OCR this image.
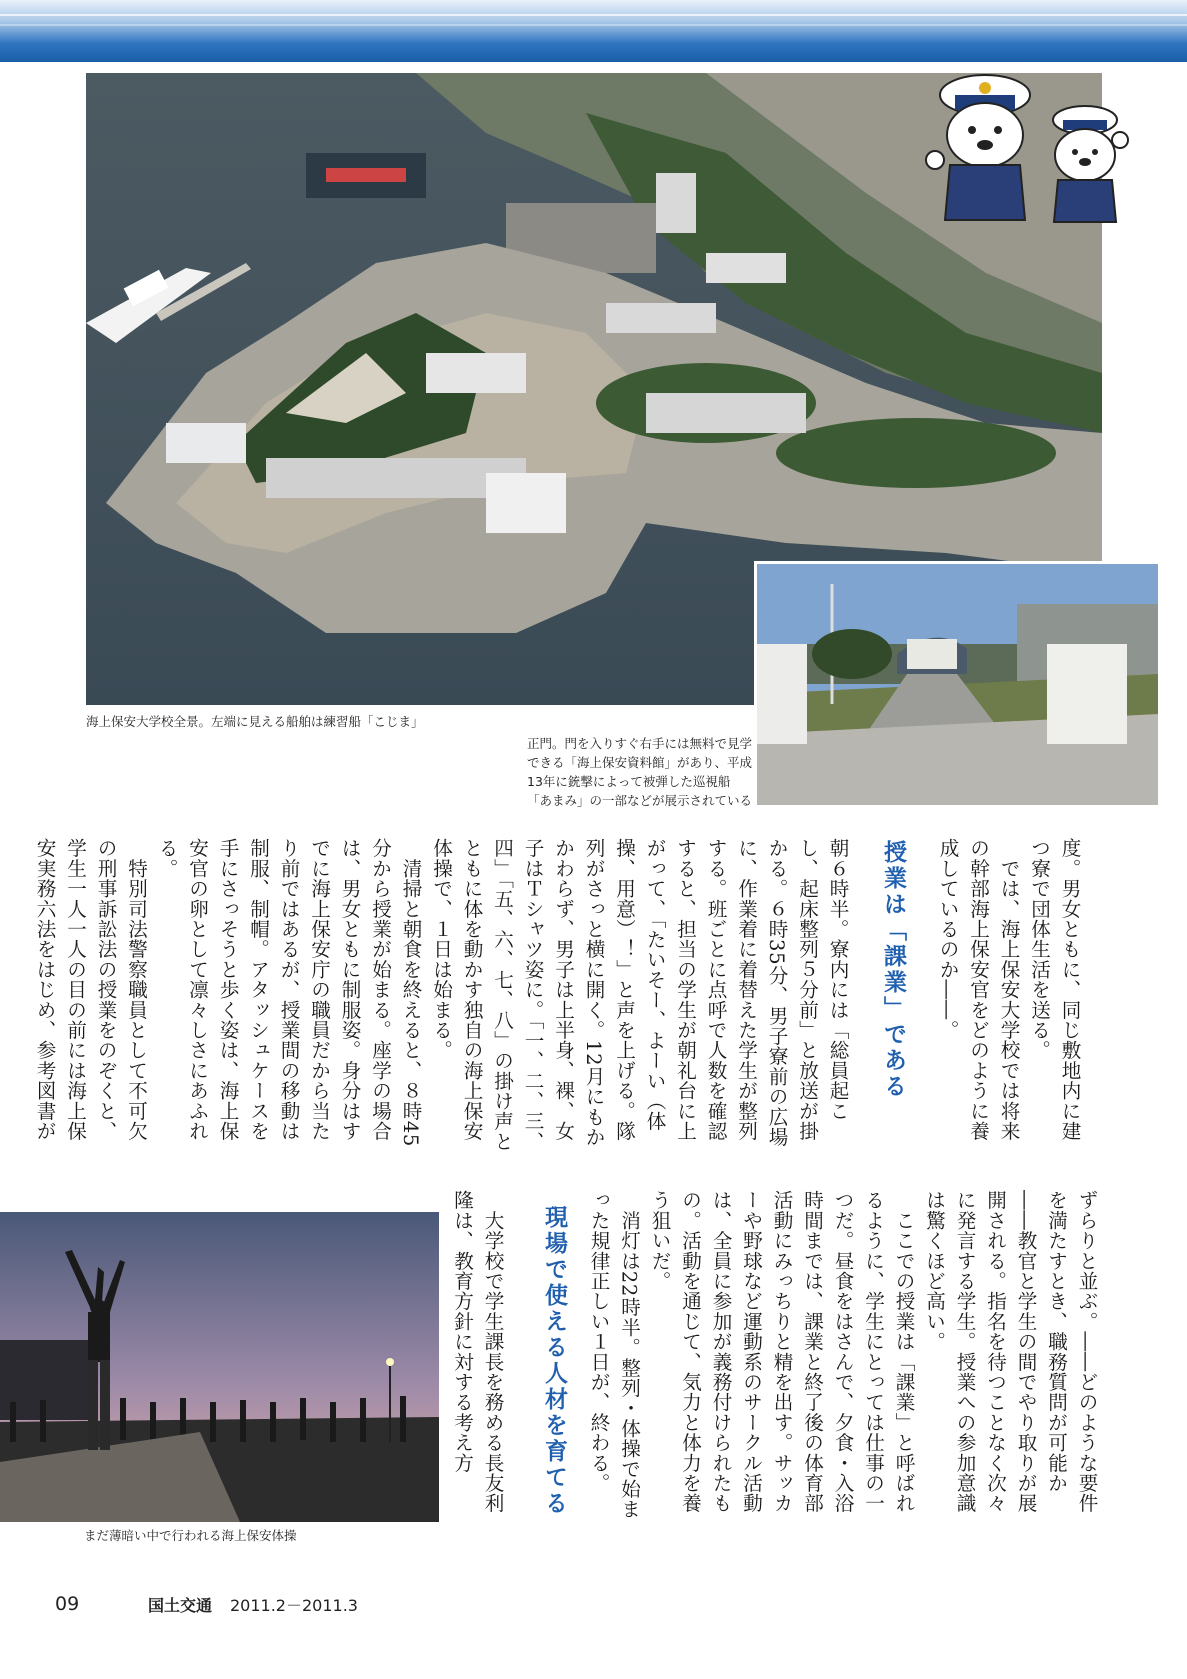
海上保安大学校全景。左端に見える船舶は練習船「こじま」
正門。門を入りすぐ右手には無料で見学できる「海上保安資料館」があり、平成13年に銃撃によって被弾した巡視船「あまみ」の一部などが展示されている
度。男女ともに、同じ敷地内に建つ寮で団体生活を送る。
　では、海上保安大学校では将来の幹部海上保安官をどのように養成しているのか――。
授業は「課業」である
朝６時半。寮内には「総員起こし、起床整列５分前」と放送が掛かる。６時35分、男子寮前の広場に、作業着に着替えた学生が整列する。班ごとに点呼で人数を確認すると、担当の学生が朝礼台に上がって、「たいそー、よーい（体操、用意）！」と声を上げる。隊列がさっと横に開く。12月にもかかわらず、男子は上半身、裸、女子はＴシャツ姿に。「一、二、三、四」「五、六、七、八」の掛け声とともに体を動かす独自の海上保安体操で、１日は始まる。
　清掃と朝食を終えると、８時45分から授業が始まる。座学の場合は、男女ともに制服姿。身分はすでに海上保安庁の職員だから当たり前ではあるが、授業間の移動は制服、制帽。アタッシュケースを手にさっそうと歩く姿は、海上保安官の卵として凛々しさにあふれる。
　特別司法警察職員として不可欠の刑事訴訟法の授業をのぞくと、学生一人一人の目の前には海上保安実務六法をはじめ、参考図書が
まだ薄暗い中で行われる海上保安体操
ずらりと並ぶ。――どのような要件を満たすとき、職務質問が可能か――教官と学生の間でやり取りが展開される。指名を待つことなく次々に発言する学生。授業への参加意識は驚くほど高い。
　ここでの授業は「課業」と呼ばれるように、学生にとっては仕事の一つだ。昼食をはさんで、夕食・入浴時間までは、課業と終了後の体育部活動にみっちりと精を出す。サッカーや野球など運動系のサークル活動は、全員に参加が義務付けられたもの。活動を通じて、気力と体力を養う狙いだ。
　消灯は22時半。整列・体操で始まった規律正しい１日が、終わる。
現場で使える人材を育てる
　大学校で学生課長を務める長友利隆は、教育方針に対する考え方
09	国土交通 2011.2－2011.3
